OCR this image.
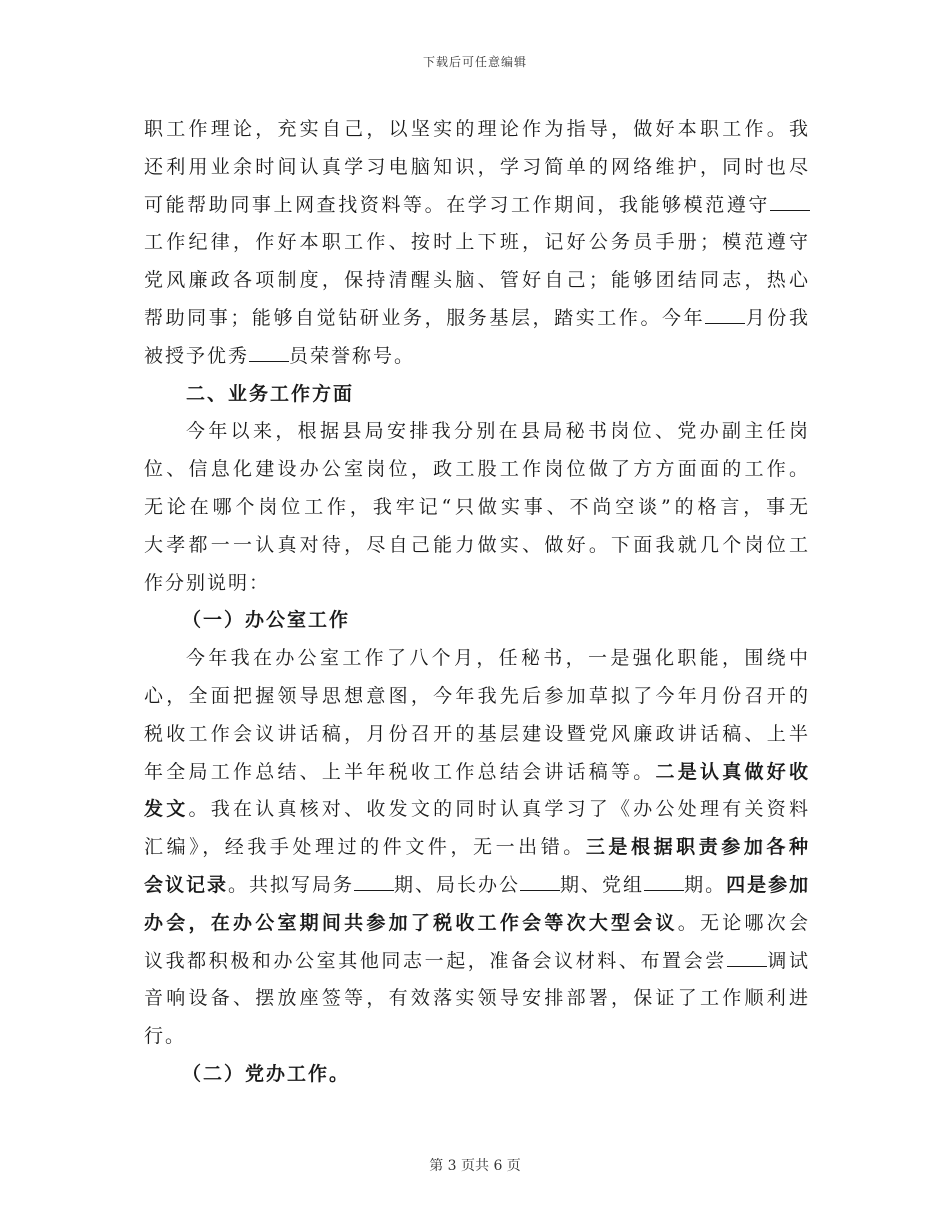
下载后可任意编辑
职工作理论，充实自己，以坚实的理论作为指导，做好本职工作。我
还利用业余时间认真学习电脑知识，学习简单的网络维护，同时也尽
可能帮助同事上网查找资料等。在学习工作期间，我能够模范遵守
工作纪律，作好本职工作、按时上下班，记好公务员手册；模范遵守
党风廉政各项制度，保持清醒头脑、管好自己；能够团结同志，热心
帮助同事；能够自觉钻研业务，服务基层，踏实工作。今年 月份我
被授予优秀 员荣誉称号。
二、业务工作方面
今年以来，根据县局安排我分别在县局秘书岗位、党办副主任岗
位、信息化建设办公室岗位，政工股工作岗位做了方方面面的工作。
无论在哪个岗位工作，我牢记“只做实事、不尚空谈”的格言，事无
大孝都一一认真对待，尽自己能力做实、做好。下面我就几个岗位工
作分别说明：
（一）办公室工作
今年我在办公室工作了八个月，任秘书，一是强化职能，围绕中
心，全面把握领导思想意图，今年我先后参加草拟了今年月份召开的
税收工作会议讲话稿，月份召开的基层建设暨党风廉政讲话稿、上半
年全局工作总结、上半年税收工作总结会讲话稿等。二是认真做好收
发文。我在认真核对、收发文的同时认真学习了《办公处理有关资料
汇编》，经我手处理过的件文件，无一出错。三是根据职责参加各种
会议记录。共拟写局务 期、局长办公 期、党组 期。四是参加
办会，在办公室期间共参加了税收工作会等次大型会议。无论哪次会
议我都积极和办公室其他同志一起，准备会议材料、布置会尝 调试
音响设备、摆放座签等，有效落实领导安排部署，保证了工作顺利进
行。
（二）党办工作。
第 3 页共 6 页
